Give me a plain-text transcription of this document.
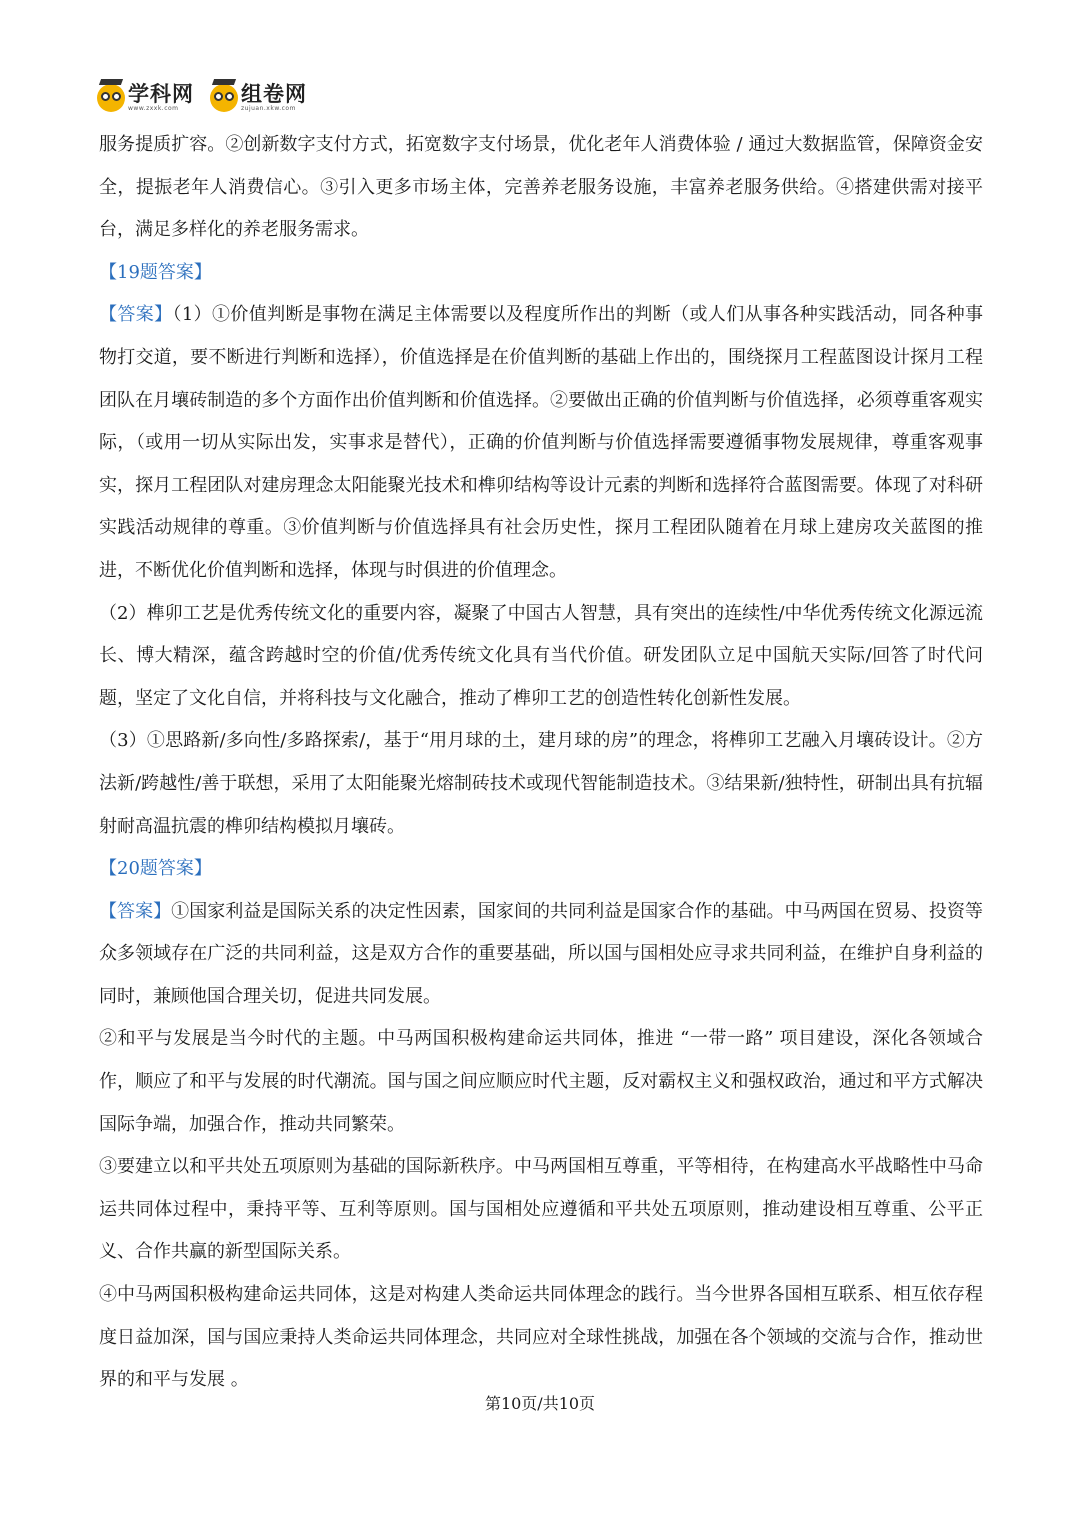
学科网
www.zxxk.com
组卷网
zujuan.xkw.com

服务提质扩容。②创新数字支付方式，拓宽数字支付场景，优化老年人消费体验 / 通过大数据监管，保障资金安全，提振老年人消费信心。③引入更多市场主体，完善养老服务设施，丰富养老服务供给。④搭建供需对接平台，满足多样化的养老服务需求。

【19题答案】

【答案】（1）①价值判断是事物在满足主体需要以及程度所作出的判断（或人们从事各种实践活动，同各种事物打交道，要不断进行判断和选择），价值选择是在价值判断的基础上作出的，围绕探月工程蓝图设计探月工程团队在月壤砖制造的多个方面作出价值判断和价值选择。②要做出正确的价值判断与价值选择，必须尊重客观实际，（或用一切从实际出发，实事求是替代），正确的价值判断与价值选择需要遵循事物发展规律，尊重客观事实，探月工程团队对建房理念太阳能聚光技术和榫卯结构等设计元素的判断和选择符合蓝图需要。体现了对科研实践活动规律的尊重。③价值判断与价值选择具有社会历史性，探月工程团队随着在月球上建房攻关蓝图的推进，不断优化价值判断和选择，体现与时俱进的价值理念。

（2）榫卯工艺是优秀传统文化的重要内容，凝聚了中国古人智慧，具有突出的连续性/中华优秀传统文化源远流长、博大精深，蕴含跨越时空的价值/优秀传统文化具有当代价值。研发团队立足中国航天实际/回答了时代问题，坚定了文化自信，并将科技与文化融合，推动了榫卯工艺的创造性转化创新性发展。

（3）①思路新/多向性/多路探索/，基于“用月球的土，建月球的房”的理念，将榫卯工艺融入月壤砖设计。②方法新/跨越性/善于联想，采用了太阳能聚光熔制砖技术或现代智能制造技术。③结果新/独特性，研制出具有抗辐射耐高温抗震的榫卯结构模拟月壤砖。

【20题答案】

【答案】①国家利益是国际关系的决定性因素，国家间的共同利益是国家合作的基础。中马两国在贸易、投资等众多领域存在广泛的共同利益，这是双方合作的重要基础，所以国与国相处应寻求共同利益，在维护自身利益的同时，兼顾他国合理关切，促进共同发展。

②和平与发展是当今时代的主题。中马两国积极构建命运共同体，推进 “一带一路” 项目建设，深化各领域合作，顺应了和平与发展的时代潮流。国与国之间应顺应时代主题，反对霸权主义和强权政治，通过和平方式解决国际争端，加强合作，推动共同繁荣。

③要建立以和平共处五项原则为基础的国际新秩序。中马两国相互尊重，平等相待，在构建高水平战略性中马命运共同体过程中，秉持平等、互利等原则。国与国相处应遵循和平共处五项原则，推动建设相互尊重、公平正义、合作共赢的新型国际关系。

④中马两国积极构建命运共同体，这是对构建人类命运共同体理念的践行。当今世界各国相互联系、相互依存程度日益加深，国与国应秉持人类命运共同体理念，共同应对全球性挑战，加强在各个领域的交流与合作，推动世界的和平与发展 。

第10页/共10页
